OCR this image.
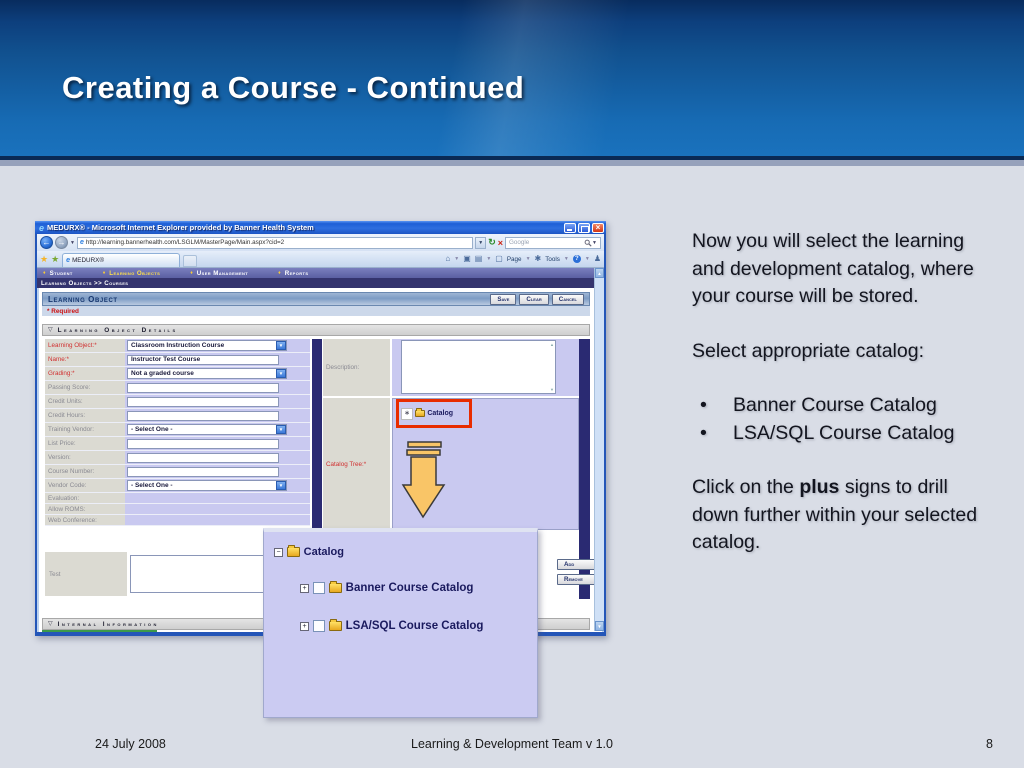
Creating a Course - Continued
e MEDURX® - Microsoft Internet Explorer provided by Banner Health System	×
← → ▼ e http://learning.bannerhealth.com/LSGLM/MasterPage/Main.aspx?cid=2	▼ ↻ × Google	▼
★ ★ e MEDURX®	⌂ ▼ ▣ ▤ ▼ ▢ Page ▼ ✱ Tools ▼	?	▼ ♟
♦ Student	♦ Learning Objects	♦ User Management	♦ Reports
Learning Objects >> Courses
Learning Object	Save	Clear	Cancel
* Required
▽ Learning Object Details
Learning Object:*	Classroom Instruction Course	▼
Name:*	Instructor Test Course
Grading:*	Not a graded course	▼
Passing Score:
Credit Units:
Credit Hours:
Training Vendor:	- Select One -	▼
List Price:
Version:
Course Number:
Vendor Code:	- Select One -	▼
Evaluation:
Allow ROMS:
Web Conference:
Description:
▲
▼
Catalog Tree:*
∗	Catalog
Test
Add
Remove
▽ Internal Information
▲
▼
− Catalog
+	Banner Course Catalog
+	LSA/SQL Course Catalog

Now you will select the learning and development catalog, where your course will be stored.

Select appropriate catalog:

• Banner Course Catalog
• LSA/SQL Course Catalog

Click on the plus signs to drill down further within your selected catalog.

24 July 2008	Learning & Development Team v 1.0	8
